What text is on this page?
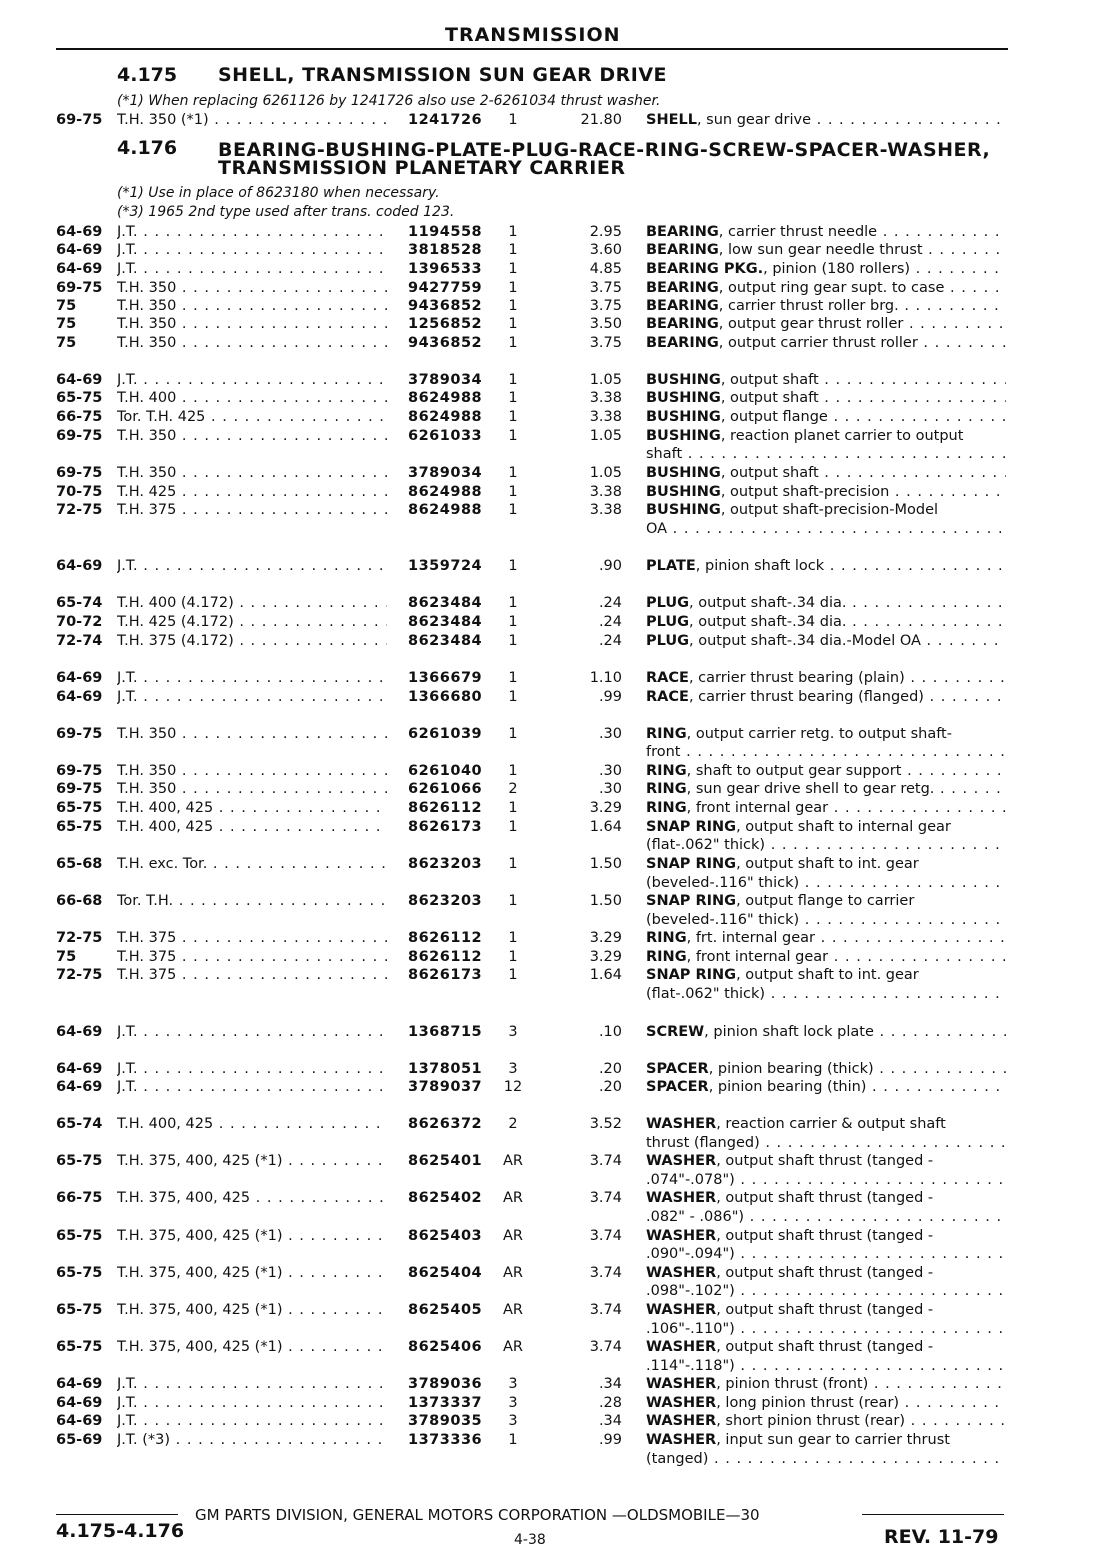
TRANSMISSION
4.175 SHELL, TRANSMISSION SUN GEAR DRIVE
(*1) When replacing 6261126 by 1241726 also use 2-6261034 thrust washer.
4.176 BEARING-BUSHING-PLATE-PLUG-RACE-RING-SCREW-SPACER-WASHER,
TRANSMISSION PLANETARY CARRIER
(*1) Use in place of 8623180 when necessary.
(*3) 1965 2nd type used after trans. coded 123.
69-75 T.H. 350 (*1) . . .	1241726	1	21.80 SHELL, sun gear drive . . .
64-69 J.T. . . .	1194558	1	2.95 BEARING, carrier thrust needle . . .
64-69 J.T. . . .	3818528	1	3.60 BEARING, low sun gear needle thrust . . .
64-69 J.T. . . .	1396533	1	4.85 BEARING PKG., pinion (180 rollers) . . .
69-75 T.H. 350 . . .	9427759	1	3.75 BEARING, output ring gear supt. to case . . .
75	T.H. 350 . . .	9436852	1	3.75 BEARING, carrier thrust roller brg. . . .
75	T.H. 350 . . .	1256852	1	3.50 BEARING, output gear thrust roller . . .
75	T.H. 350 . . .	9436852	1	3.75 BEARING, output carrier thrust roller . . .
64-69 J.T. . . .	3789034	1	1.05 BUSHING, output shaft . . .
65-75 T.H. 400 . . .	8624988	1	3.38 BUSHING, output shaft . . .
66-75 Tor. T.H. 425 . . .	8624988	1	3.38 BUSHING, output flange . . .
69-75 T.H. 350 . . .	6261033	1	1.05 BUSHING, reaction planet carrier to output
shaft . . .
69-75 T.H. 350 . . .	3789034	1	1.05 BUSHING, output shaft . . .
70-75 T.H. 425 . . .	8624988	1	3.38 BUSHING, output shaft-precision . . .
72-75 T.H. 375 . . .	8624988	1	3.38 BUSHING, output shaft-precision-Model
OA . . .
64-69 J.T. . . .	1359724	1	.90 PLATE, pinion shaft lock . . .
65-74 T.H. 400 (4.172) . . .	8623484	1	.24 PLUG, output shaft-.34 dia. . . .
70-72 T.H. 425 (4.172) . . .	8623484	1	.24 PLUG, output shaft-.34 dia. . . .
72-74 T.H. 375 (4.172) . . .	8623484	1	.24 PLUG, output shaft-.34 dia.-Model OA . . .
64-69 J.T. . . .	1366679	1	1.10 RACE, carrier thrust bearing (plain) . . .
64-69 J.T. . . .	1366680	1	.99 RACE, carrier thrust bearing (flanged) . . .
69-75 T.H. 350 . . .	6261039	1	.30 RING, output carrier retg. to output shaft-
front . . .
69-75 T.H. 350 . . .	6261040	1	.30 RING, shaft to output gear support . . .
69-75 T.H. 350 . . .	6261066	2	.30 RING, sun gear drive shell to gear retg. . . .
65-75 T.H. 400, 425 . . .	8626112	1	3.29 RING, front internal gear . . .
65-75 T.H. 400, 425 . . .	8626173	1	1.64 SNAP RING, output shaft to internal gear
(flat-.062" thick) . . .
65-68 T.H. exc. Tor. . . .	8623203	1	1.50 SNAP RING, output shaft to int. gear
(beveled-.116" thick) . . .
66-68 Tor. T.H. . . .	8623203	1	1.50 SNAP RING, output flange to carrier
(beveled-.116" thick) . . .
72-75 T.H. 375 . . .	8626112	1	3.29 RING, frt. internal gear . . .
75	T.H. 375 . . .	8626112	1	3.29 RING, front internal gear . . .
72-75 T.H. 375 . . .	8626173	1	1.64 SNAP RING, output shaft to int. gear
(flat-.062" thick) . . .
64-69 J.T. . . .	1368715	3	.10 SCREW, pinion shaft lock plate . . .
64-69 J.T. . . .	1378051	3	.20 SPACER, pinion bearing (thick) . . .
64-69 J.T. . . .	3789037	12	.20 SPACER, pinion bearing (thin) . . .
65-74 T.H. 400, 425 . . .	8626372	2	3.52 WASHER, reaction carrier & output shaft
thrust (flanged) . . .
65-75 T.H. 375, 400, 425 (*1) . . .	8625401	AR	3.74 WASHER, output shaft thrust (tanged -
.074"-.078") . . .
66-75 T.H. 375, 400, 425 . . .	8625402	AR	3.74 WASHER, output shaft thrust (tanged -
.082" - .086") . . .
65-75 T.H. 375, 400, 425 (*1) . . .	8625403	AR	3.74 WASHER, output shaft thrust (tanged -
.090"-.094") . . .
65-75 T.H. 375, 400, 425 (*1) . . .	8625404	AR	3.74 WASHER, output shaft thrust (tanged -
.098"-.102") . . .
65-75 T.H. 375, 400, 425 (*1) . . .	8625405	AR	3.74 WASHER, output shaft thrust (tanged -
.106"-.110") . . .
65-75 T.H. 375, 400, 425 (*1) . . .	8625406	AR	3.74 WASHER, output shaft thrust (tanged -
.114"-.118") . . .
64-69 J.T. . . .	3789036	3	.34 WASHER, pinion thrust (front) . . .
64-69 J.T. . . .	1373337	3	.28 WASHER, long pinion thrust (rear) . . .
64-69 J.T. . . .	3789035	3	.34 WASHER, short pinion thrust (rear) . . .
65-69 J.T. (*3) . . .	1373336	1	.99 WASHER, input sun gear to carrier thrust
(tanged) . . .
GM PARTS DIVISION, GENERAL MOTORS CORPORATION —OLDSMOBILE—30
4.175-4.176	4-38	REV. 11-79
